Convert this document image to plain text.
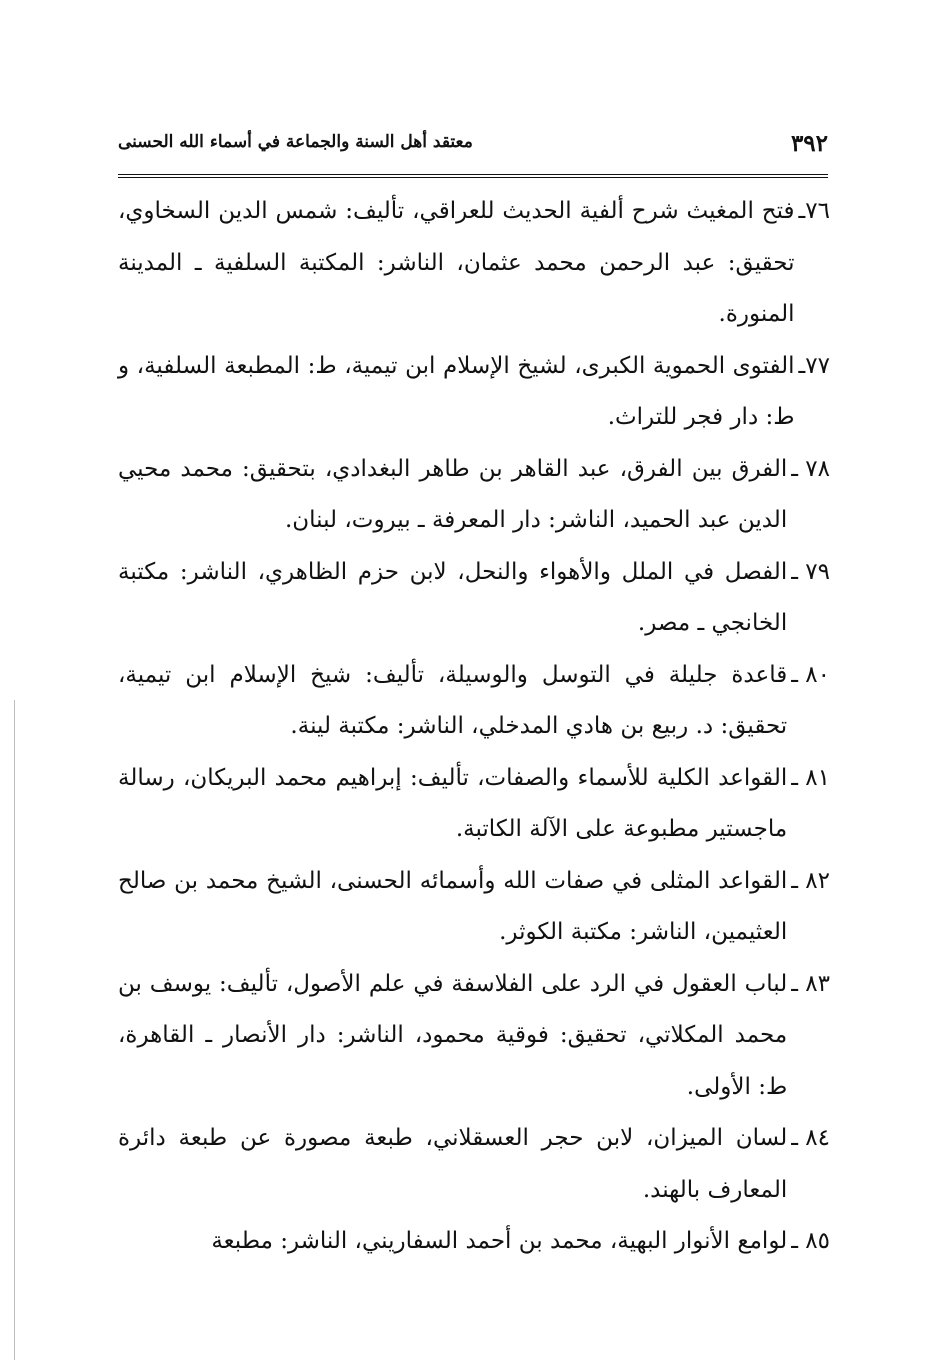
٣٩٢
معتقد أهل السنة والجماعة في أسماء الله الحسنى
٧٦ـ
فتح المغيث شرح ألفية الحديث للعراقي، تأليف: شمس الدين السخاوي، تحقيق: عبد الرحمن محمد عثمان، الناشر: المكتبة السلفية ـ المدينة المنورة.
٧٧ـ
الفتوى الحموية الكبرى، لشيخ الإسلام ابن تيمية، ط: المطبعة السلفية، و ط: دار فجر للتراث.
٧٨ ـ
الفرق بين الفرق، عبد القاهر بن طاهر البغدادي، بتحقيق: محمد محيي الدين عبد الحميد، الناشر: دار المعرفة ـ بيروت، لبنان.
٧٩ ـ
الفصل في الملل والأهواء والنحل، لابن حزم الظاهري، الناشر: مكتبة الخانجي ـ مصر.
٨٠ ـ
قاعدة جليلة في التوسل والوسيلة، تأليف: شيخ الإسلام ابن تيمية، تحقيق: د. ربيع بن هادي المدخلي، الناشر: مكتبة لينة.
٨١ ـ
القواعد الكلية للأسماء والصفات، تأليف: إبراهيم محمد البريكان، رسالة ماجستير مطبوعة على الآلة الكاتبة.
٨٢ ـ
القواعد المثلى في صفات الله وأسمائه الحسنى، الشيخ محمد بن صالح العثيمين، الناشر: مكتبة الكوثر.
٨٣ ـ
لباب العقول في الرد على الفلاسفة في علم الأصول، تأليف: يوسف بن محمد المكلاتي، تحقيق: فوقية محمود، الناشر: دار الأنصار ـ القاهرة، ط: الأولى.
٨٤ ـ
لسان الميزان، لابن حجر العسقلاني، طبعة مصورة عن طبعة دائرة المعارف بالهند.
٨٥ ـ
لوامع الأنوار البهية، محمد بن أحمد السفاريني، الناشر: مطبعة
